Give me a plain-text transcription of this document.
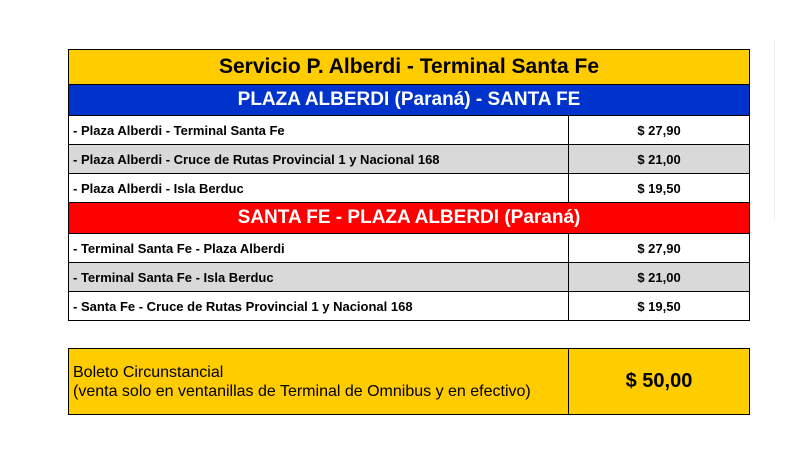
Servicio P. Alberdi - Terminal Santa Fe	
PLAZA ALBERDI (Paraná) - SANTA FE	
- Plaza Alberdi - Terminal Santa Fe	$ 27,90
- Plaza Alberdi - Cruce de Rutas Provincial 1 y Nacional 168	$ 21,00
- Plaza Alberdi - Isla Berduc	$ 19,50
SANTA FE - PLAZA ALBERDI (Paraná)	
- Terminal Santa Fe - Plaza Alberdi	$ 27,90
- Terminal Santa Fe - Isla Berduc	$ 21,00
- Santa Fe - Cruce de Rutas Provincial 1 y Nacional 168	$ 19,50
Boleto Circunstancial
(venta solo en ventanillas de Terminal de Omnibus y en efectivo)	$ 50,00
